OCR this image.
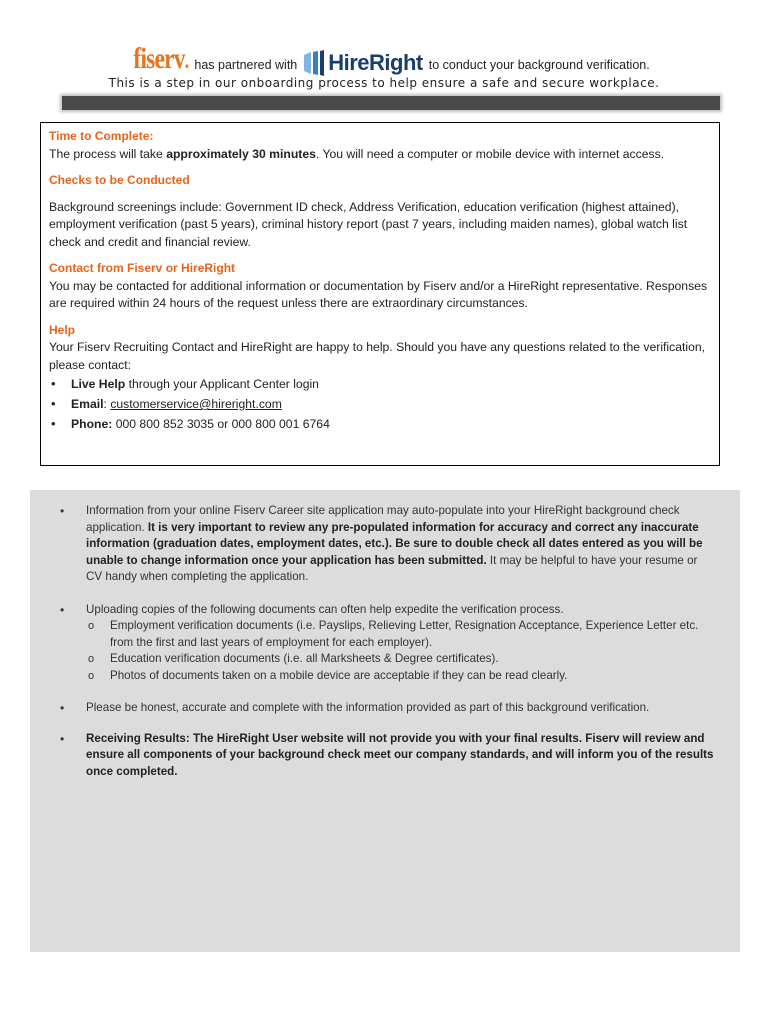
fiserv. has partnered with HireRight to conduct your background verification.
This is a step in our onboarding process to help ensure a safe and secure workplace.

Time to Complete:

The process will take approximately 30 minutes. You will need a computer or mobile device with internet access.

Checks to be Conducted

Background screenings include: Government ID check, Address Verification, education verification (highest attained), employment verification (past 5 years), criminal history report (past 7 years, including maiden names), global watch list check and credit and financial review.

Contact from Fiserv or HireRight

You may be contacted for additional information or documentation by Fiserv and/or a HireRight representative. Responses are required within 24 hours of the request unless there are extraordinary circumstances.

Help

Your Fiserv Recruiting Contact and HireRight are happy to help. Should you have any questions related to the verification, please contact:

• Live Help through your Applicant Center login
• Email: customerservice@hireright.com
• Phone: 000 800 852 3035 or 000 800 001 6764
• Information from your online Fiserv Career site application may auto-populate into your HireRight background check application. It is very important to review any pre-populated information for accuracy and correct any inaccurate information (graduation dates, employment dates, etc.). Be sure to double check all dates entered as you will be unable to change information once your application has been submitted. It may be helpful to have your resume or CV handy when completing the application.
• Uploading copies of the following documents can often help expedite the verification process.
o Employment verification documents (i.e. Payslips, Relieving Letter, Resignation Acceptance, Experience Letter etc. from the first and last years of employment for each employer).
o Education verification documents (i.e. all Marksheets & Degree certificates).
o Photos of documents taken on a mobile device are acceptable if they can be read clearly.
• Please be honest, accurate and complete with the information provided as part of this background verification.
• Receiving Results: The HireRight User website will not provide you with your final results. Fiserv will review and ensure all components of your background check meet our company standards, and will inform you of the results once completed.
